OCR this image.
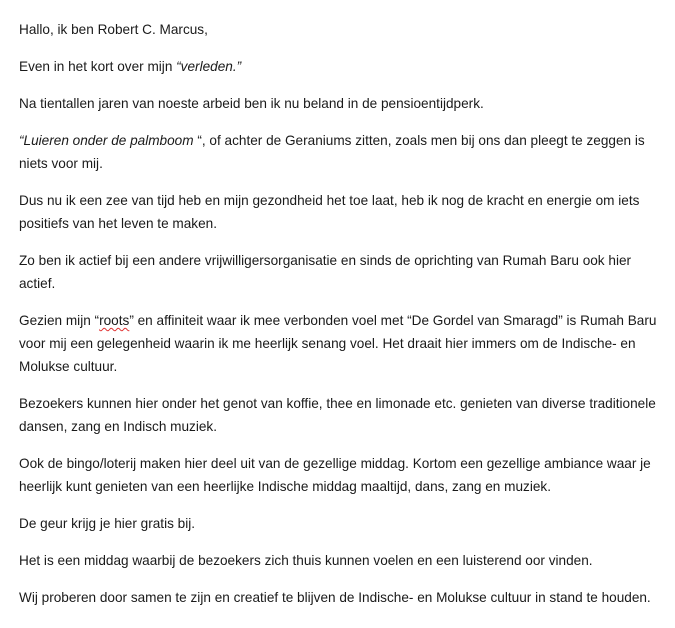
Hallo, ik ben Robert C. Marcus,

Even in het kort over mijn “verleden.”

Na tientallen jaren van noeste arbeid ben ik nu beland in de pensioentijdperk.

“Luieren onder de palmboom “, of achter de Geraniums zitten, zoals men bij ons dan pleegt te zeggen is niets voor mij.

Dus nu ik een zee van tijd heb en mijn gezondheid het toe laat, heb ik nog de kracht en energie om iets positiefs van het leven te maken.

Zo ben ik actief bij een andere vrijwilligersorganisatie en sinds de oprichting van Rumah Baru ook hier actief.

Gezien mijn “roots” en affiniteit waar ik mee verbonden voel met “De Gordel van Smaragd” is Rumah Baru voor mij een gelegenheid waarin ik me heerlijk senang voel. Het draait hier immers om de Indische- en Molukse cultuur.

Bezoekers kunnen hier onder het genot van koffie, thee en limonade etc. genieten van diverse traditionele dansen, zang en Indisch muziek.

Ook de bingo/loterij maken hier deel uit van de gezellige middag. Kortom een gezellige ambiance waar je heerlijk kunt genieten van een heerlijke Indische middag maaltijd, dans, zang en muziek.

De geur krijg je hier gratis bij.

Het is een middag waarbij de bezoekers zich thuis kunnen voelen en een luisterend oor vinden.

Wij proberen door samen te zijn en creatief te blijven de Indische- en Molukse cultuur in stand te houden.
